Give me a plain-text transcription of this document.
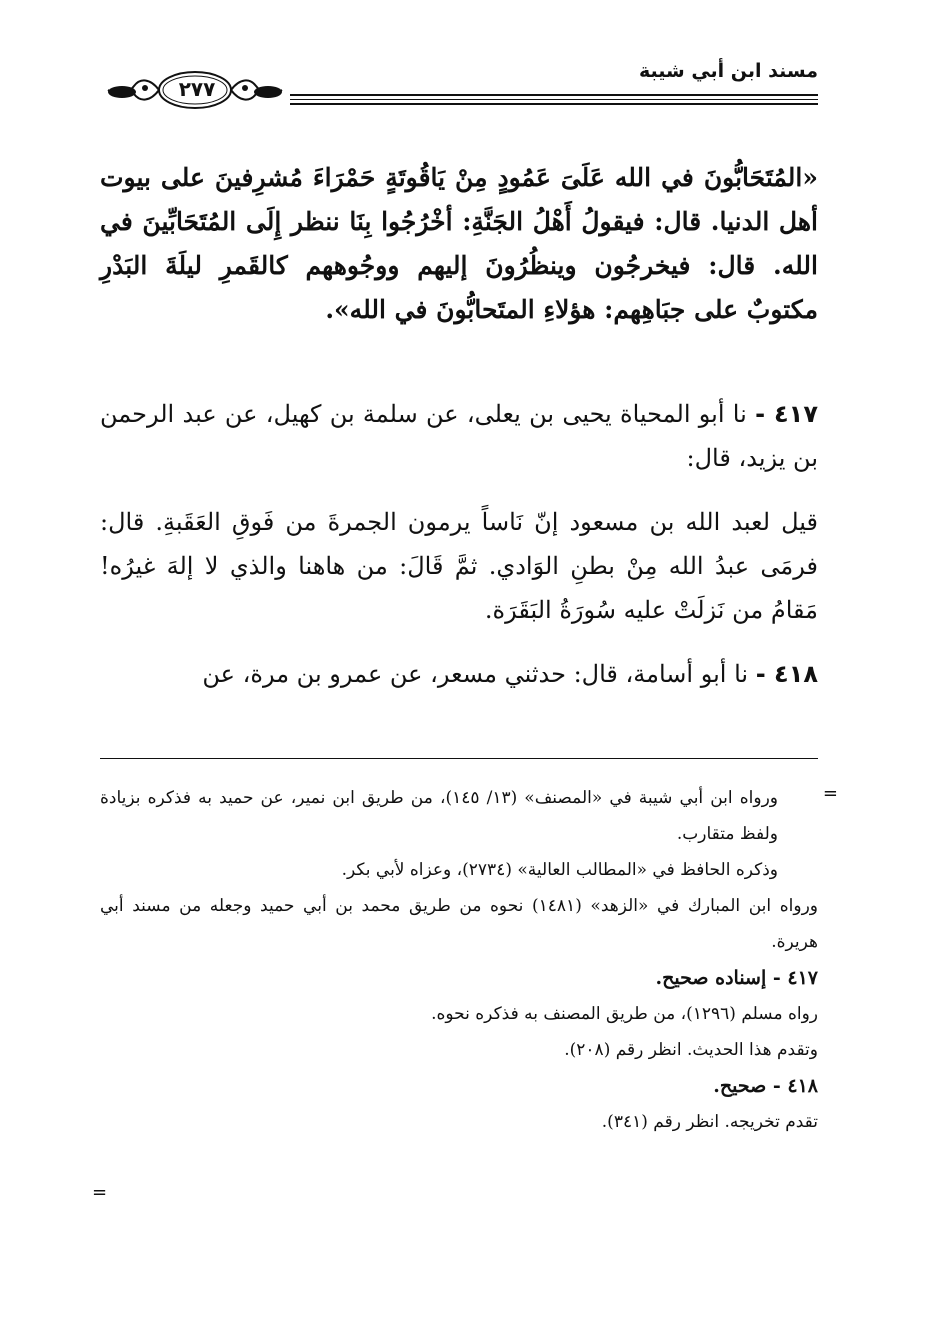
مسند ابن أبي شيبة
٢٧٧
«المُتَحَابُّونَ في الله عَلَىَ عَمُودٍ مِنْ يَاقُوتَةٍ حَمْرَاءَ مُشرِفينَ على بيوت أهل الدنيا. قال: فيقولُ أَهْلُ الجَنَّةِ: أخْرُجُوا بِنَا ننظر إِلَى المُتَحَابِّينَ في الله. قال: فيخرجُون وينظُرُونَ إليهم ووجُوههم كالقَمرِ ليلَةَ البَدْرِ مكتوبٌ على جبَاهِهم: هؤلاءِ المتَحابُّونَ في الله».
٤١٧ - نا أبو المحياة يحيى بن يعلى، عن سلمة بن كهيل، عن عبد الرحمن بن يزيد، قال:
قيل لعبد الله بن مسعود إنّ نَاساً يرمون الجمرةَ من فَوقِ العَقَبةِ. قال: فرمَى عبدُ الله مِنْ بطنِ الوَادي. ثمَّ قَالَ: من هاهنا والذي لا إلهَ غيرُه! مَقامُ من نَزلَتْ عليه سُورَةُ البَقَرَة.
٤١٨ - نا أبو أسامة، قال: حدثني مسعر، عن عمرو بن مرة، عن
=
ورواه ابن أبي شيبة في «المصنف» (١٣/ ١٤٥)، من طريق ابن نمير، عن حميد به فذكره بزيادة ولفظ متقارب.
وذكره الحافظ في «المطالب العالية» (٢٧٣٤)، وعزاه لأبي بكر.
ورواه ابن المبارك في «الزهد» (١٤٨١) نحوه من طريق محمد بن أبي حميد وجعله من مسند أبي هريرة.
٤١٧ - إسناده صحيح.
رواه مسلم (١٢٩٦)، من طريق المصنف به فذكره نحوه.
وتقدم هذا الحديث. انظر رقم (٢٠٨).
٤١٨ - صحيح.
تقدم تخريجه. انظر رقم (٣٤١).
=
